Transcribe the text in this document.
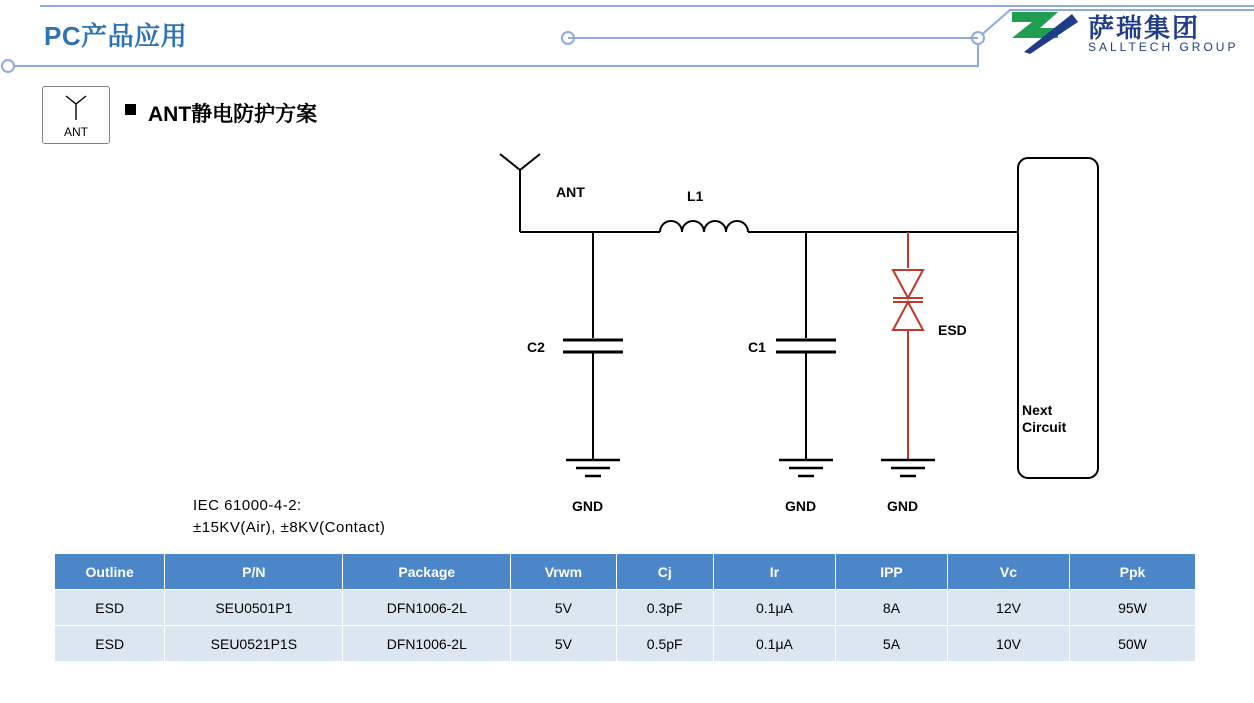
PC产品应用	萨瑞集团
SALLTECH GROUP
ANT
ANT静电防护方案
IEC 61000-4-2:
±15KV(Air), ±8KV(Contact)
ANT	L1
C2	C1
ESD
GND	GND	GND
Next
Circuit
Outline	P/N	Package	Vrwm	Cj	Ir	IPP	Vc	Ppk
ESD	SEU0501P1	DFN1006-2L	5V	0.3pF	0.1μA	8A	12V	95W
ESD	SEU0521P1S	DFN1006-2L	5V	0.5pF	0.1μA	5A	10V	50W
